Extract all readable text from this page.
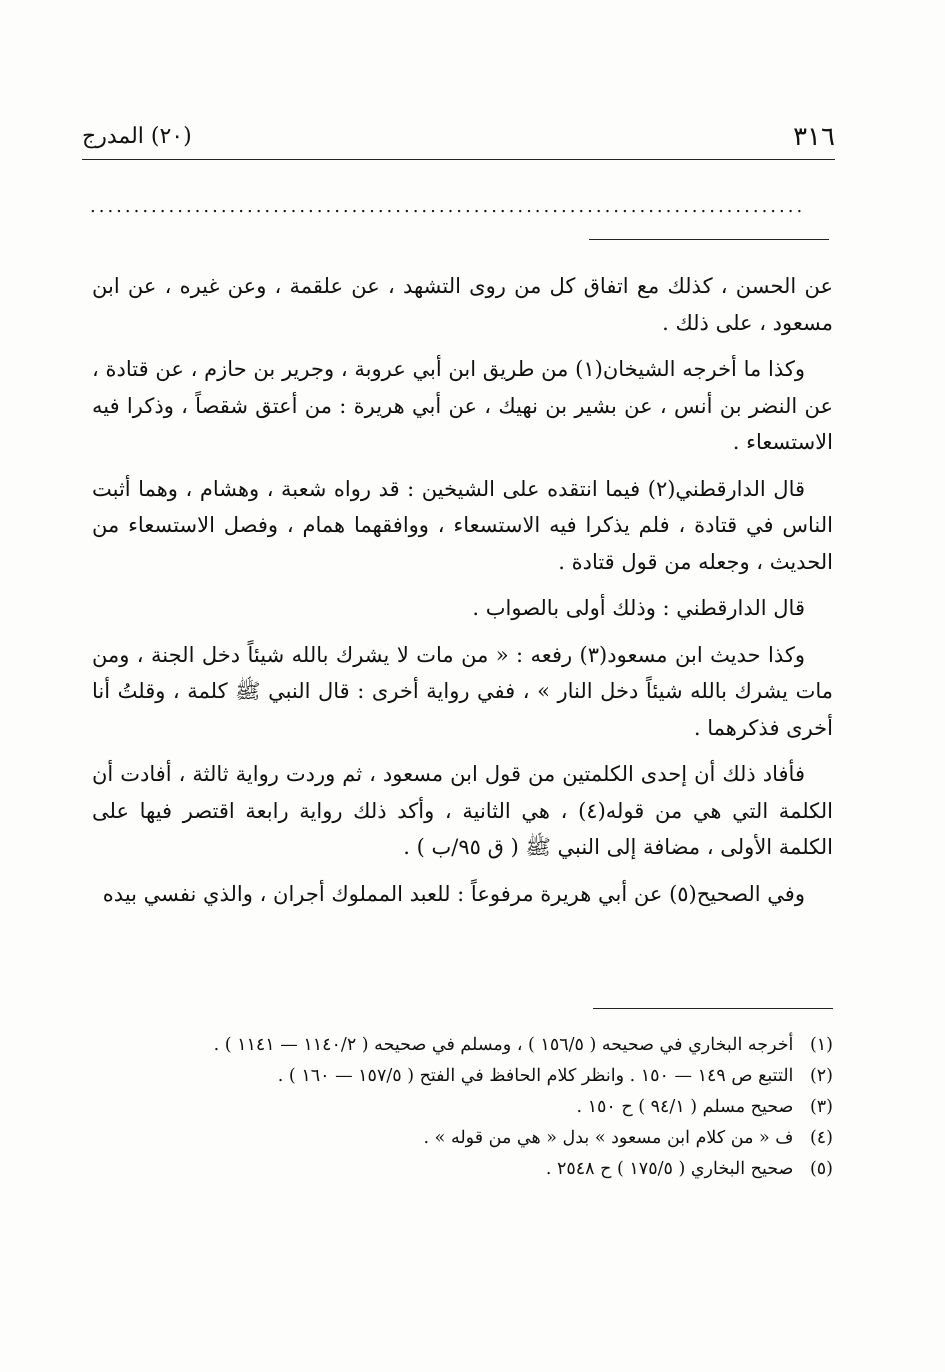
٣١٦
(٢٠) المدرج
..................................................................................

عن الحسن ، كذلك مع اتفاق كل من روى التشهد ، عن علقمة ، وعن غيره ، عن ابن مسعود ، على ذلك .

وكذا ما أخرجه الشيخان(١) من طريق ابن أبي عروبة ، وجرير بن حازم ، عن قتادة ، عن النضر بن أنس ، عن بشير بن نهيك ، عن أبي هريرة : من أعتق شقصاً ، وذكرا فيه الاستسعاء .

قال الدارقطني(٢) فيما انتقده على الشيخين : قد رواه شعبة ، وهشام ، وهما أثبت الناس في قتادة ، فلم يذكرا فيه الاستسعاء ، ووافقهما همام ، وفصل الاستسعاء من الحديث ، وجعله من قول قتادة .

قال الدارقطني : وذلك أولى بالصواب .

وكذا حديث ابن مسعود(٣) رفعه : « من مات لا يشرك بالله شيئاً دخل الجنة ، ومن مات يشرك بالله شيئاً دخل النار » ، ففي رواية أخرى : قال النبي ﷺ كلمة ، وقلتُ أنا أخرى فذكرهما .

فأفاد ذلك أن إحدى الكلمتين من قول ابن مسعود ، ثم وردت رواية ثالثة ، أفادت أن الكلمة التي هي من قوله(٤) ، هي الثانية ، وأكد ذلك رواية رابعة اقتصر فيها على الكلمة الأولى ، مضافة إلى النبي ﷺ ( ق ٩٥/ب ) .

وفي الصحيح(٥) عن أبي هريرة مرفوعاً : للعبد المملوك أجران ، والذي نفسي بيده

(١) أخرجه البخاري في صحيحه ( ١٥٦/٥ ) ، ومسلم في صحيحه ( ١١٤٠/٢ — ١١٤١ ) .

(٢) التتبع ص ١٤٩ — ١٥٠ . وانظر كلام الحافظ في الفتح ( ١٥٧/٥ — ١٦٠ ) .

(٣) صحيح مسلم ( ٩٤/١ ) ح ١٥٠ .

(٤) ف « من كلام ابن مسعود » بدل « هي من قوله » .

(٥) صحيح البخاري ( ١٧٥/٥ ) ح ٢٥٤٨ .
